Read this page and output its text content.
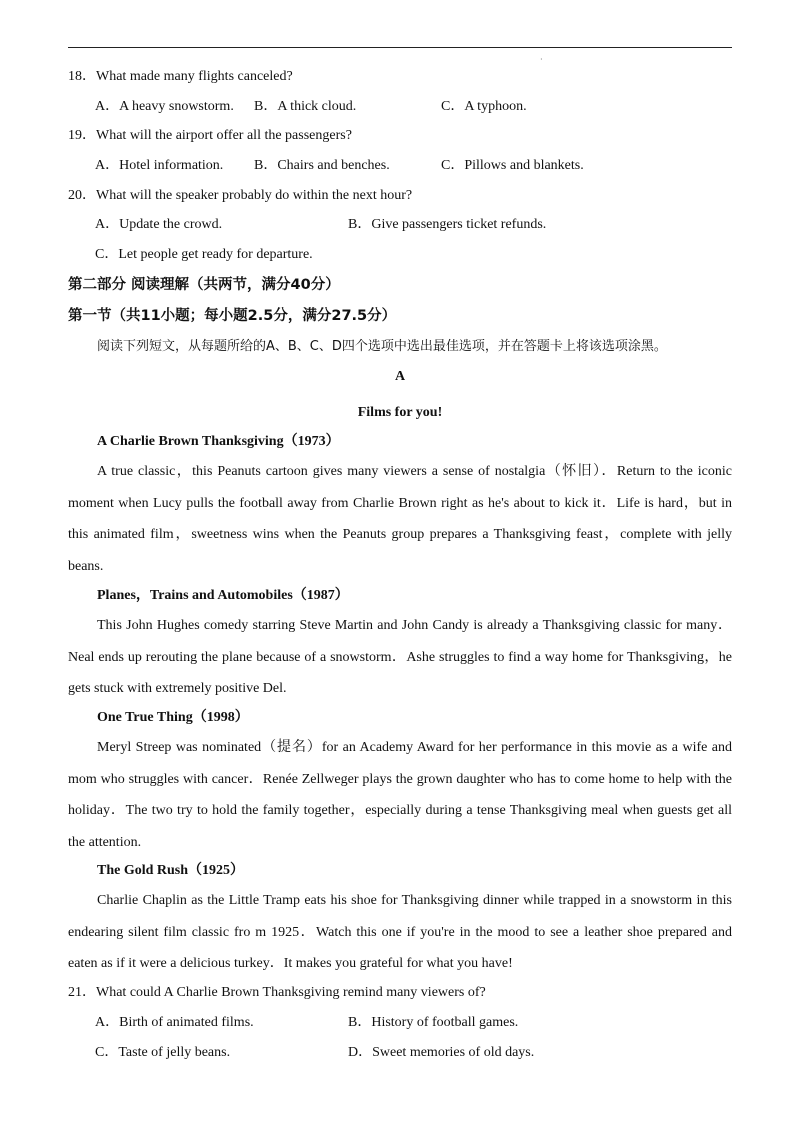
·
18．What made many flights canceled?
A．A heavy snowstorm. B．A thick cloud.	C．A typhoon.
19．What will the airport offer all the passengers?
A．Hotel information. B．Chairs and benches.	C．Pillows and blankets.
20．What will the speaker probably do within the next hour?
A．Update the crowd.	B．Give passengers ticket refunds.
C．Let people get ready for departure.
第二部分 阅读理解（共两节，满分40分）
第一节（共11小题；每小题2.5分，满分27.5分）
阅读下列短文，从每题所给的A、B、C、D四个选项中选出最佳选项，并在答题卡上将该选项涂黑。
A
Films for you!
A Charlie Brown Thanksgiving（1973）

A true classic，this Peanuts cartoon gives many viewers a sense of nostalgia（怀旧）．Return to the iconic moment when Lucy pulls the football away from Charlie Brown right as he's about to kick it．Life is hard，but in this animated film，sweetness wins when the Peanuts group prepares a Thanksgiving feast，complete with jelly beans.

Planes，Trains and Automobiles（1987）

This John Hughes comedy starring Steve Martin and John Candy is already a Thanksgiving classic for many．Neal ends up rerouting the plane because of a snowstorm．Ashe struggles to find a way home for Thanksgiving，he gets stuck with extremely positive Del.

One True Thing（1998）

Meryl Streep was nominated（提名）for an Academy Award for her performance in this movie as a wife and mom who struggles with cancer．Renée Zellweger plays the grown daughter who has to come home to help with the holiday．The two try to hold the family together，especially during a tense Thanksgiving meal when guests get all the attention.

The Gold Rush（1925）

Charlie Chaplin as the Little Tramp eats his shoe for Thanksgiving dinner while trapped in a snowstorm in this endearing silent film classic fro m 1925．Watch this one if you're in the mood to see a leather shoe prepared and eaten as if it were a delicious turkey．It makes you grateful for what you have!

21．What could A Charlie Brown Thanksgiving remind many viewers of?
A．Birth of animated films.	B．History of football games.
C．Taste of jelly beans.	D．Sweet memories of old days.
